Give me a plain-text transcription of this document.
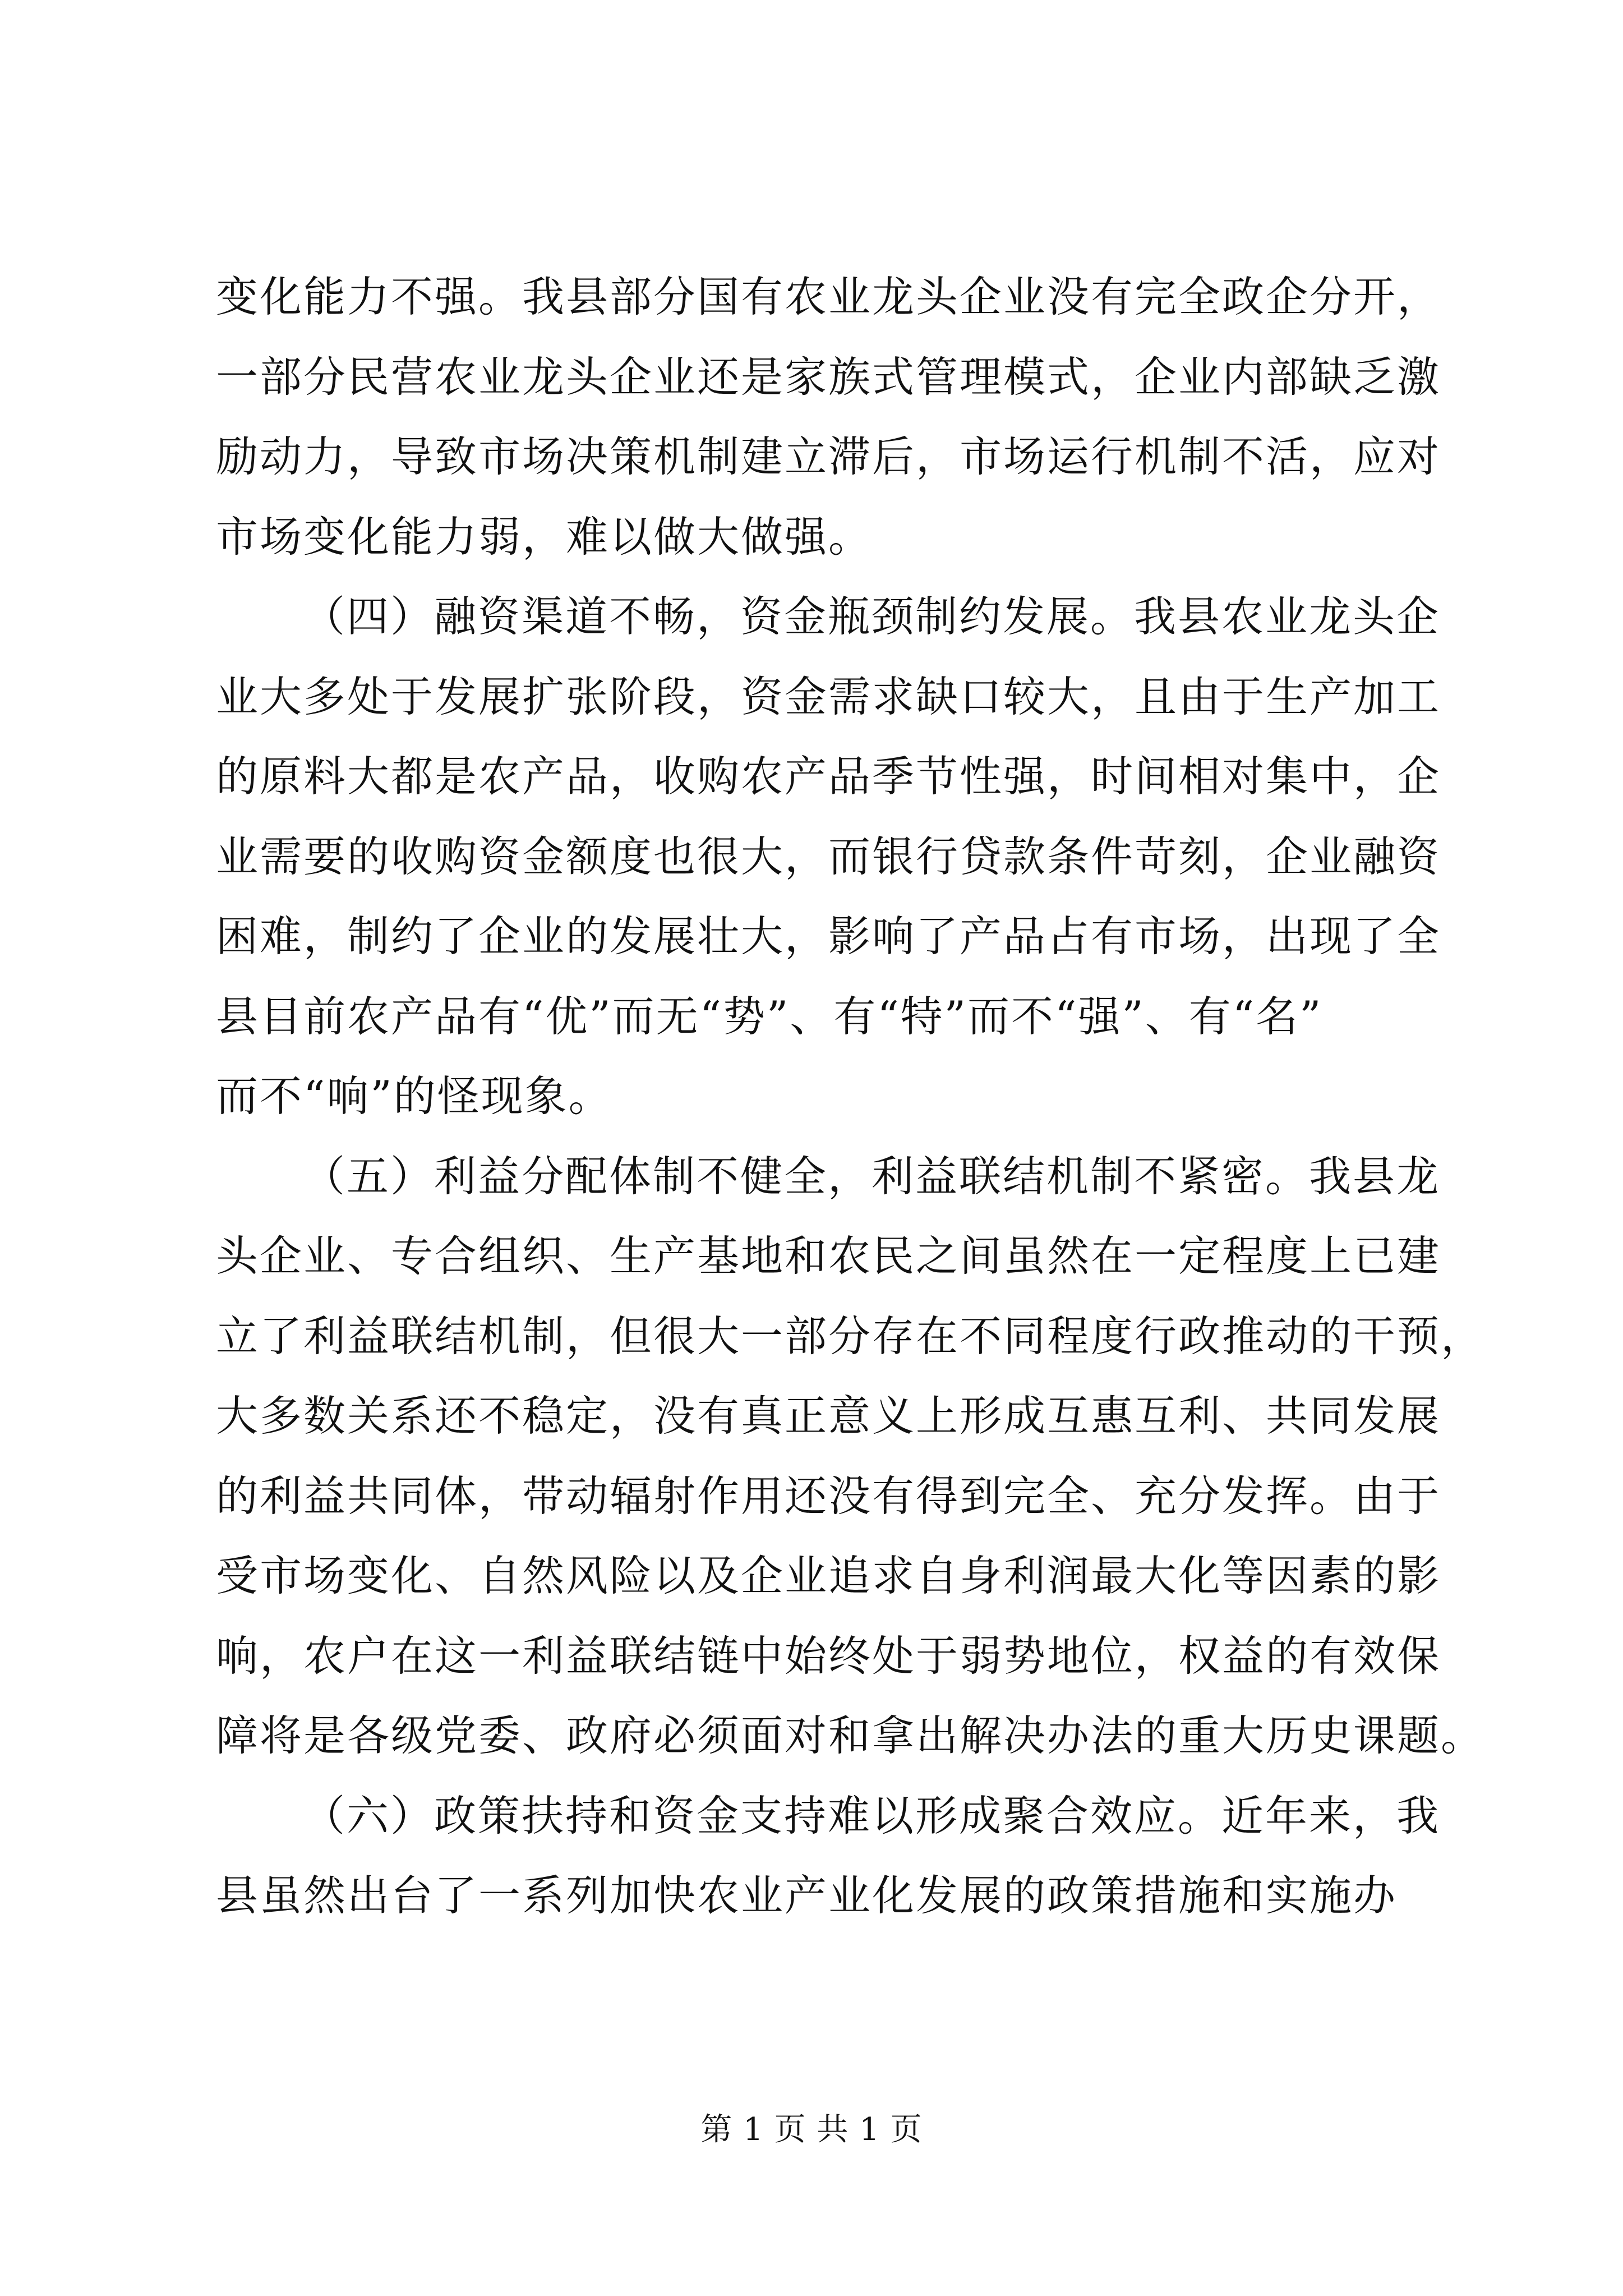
变化能力不强。我县部分国有农业龙头企业没有完全政企分开，
一部分民营农业龙头企业还是家族式管理模式，企业内部缺乏激
励动力，导致市场决策机制建立滞后，市场运行机制不活，应对
市场变化能力弱，难以做大做强。
（四）融资渠道不畅，资金瓶颈制约发展。我县农业龙头企
业大多处于发展扩张阶段，资金需求缺口较大，且由于生产加工
的原料大都是农产品，收购农产品季节性强，时间相对集中，企
业需要的收购资金额度也很大，而银行贷款条件苛刻，企业融资
困难，制约了企业的发展壮大，影响了产品占有市场，出现了全
县目前农产品有“优”而无“势”、有“特”而不“强”、有“名”
而不“响”的怪现象。
（五）利益分配体制不健全，利益联结机制不紧密。我县龙
头企业、专合组织、生产基地和农民之间虽然在一定程度上已建
立了利益联结机制，但很大一部分存在不同程度行政推动的干预，
大多数关系还不稳定，没有真正意义上形成互惠互利、共同发展
的利益共同体，带动辐射作用还没有得到完全、充分发挥。由于
受市场变化、自然风险以及企业追求自身利润最大化等因素的影
响，农户在这一利益联结链中始终处于弱势地位，权益的有效保
障将是各级党委、政府必须面对和拿出解决办法的重大历史课题。
（六）政策扶持和资金支持难以形成聚合效应。近年来，我
县虽然出台了一系列加快农业产业化发展的政策措施和实施办
第 1 页 共 1 页
